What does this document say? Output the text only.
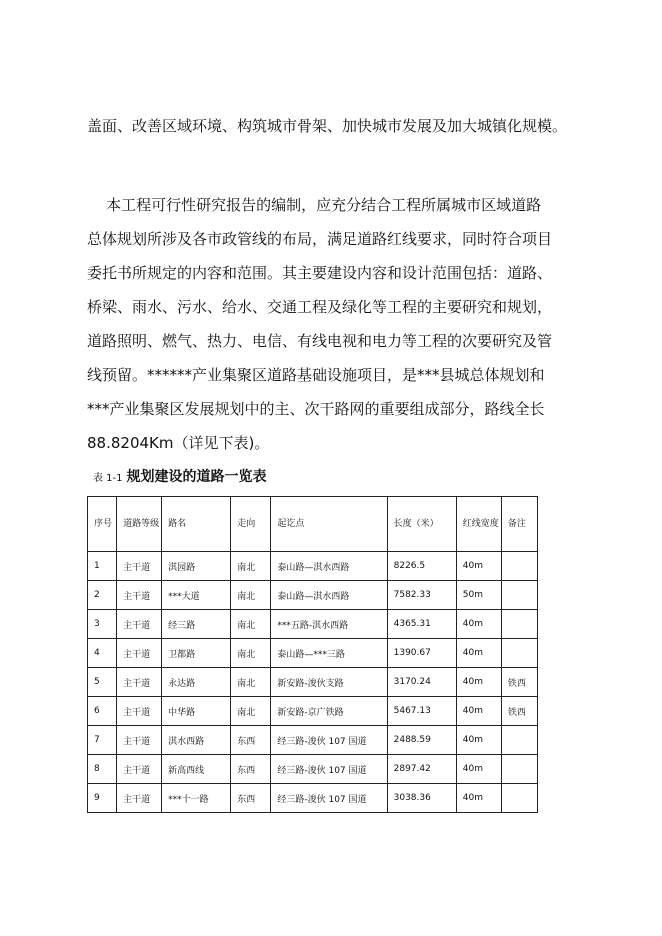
盖面、改善区域环境、构筑城市骨架、加快城市发展及加大城镇化规模。

本工程可行性研究报告的编制，应充分结合工程所属城市区域道路
总体规划所涉及各市政管线的布局，满足道路红线要求，同时符合项目
委托书所规定的内容和范围。其主要建设内容和设计范围包括：道路、
桥梁、雨水、污水、给水、交通工程及绿化等工程的主要研究和规划，
道路照明、燃气、热力、电信、有线电视和电力等工程的次要研究及管
线预留。******产业集聚区道路基础设施项目，是***县城总体规划和
***产业集聚区发展规划中的主、次干路网的重要组成部分，路线全长
88.8204Km（详见下表)。
表 1-1 规划建设的道路一览表
序号	道路等级	路名	走向	起讫点	长度（米）	红线宽度	备注
1	主干道	淇园路	南北	泰山路—淇水西路	8226.5	40m	
2	主干道	***大道	南北	泰山路—淇水西路	7582.33	50m	
3	主干道	经三路	南北	***五路-淇水西路	4365.31	40m	
4	主干道	卫都路	南北	泰山路—***三路	1390.67	40m	
5	主干道	永达路	南北	新安路-浚伙支路	3170.24	40m	铁西
6	主干道	中华路	南北	新安路-京广铁路	5467.13	40m	铁西
7	主干道	淇水西路	东西	经三路-浚伙 107 国道	2488.59	40m	
8	主干道	新高西线	东西	经三路-浚伙 107 国道	2897.42	40m	
9	主干道	***十一路	东西	经三路-浚伙 107 国道	3038.36	40m	
